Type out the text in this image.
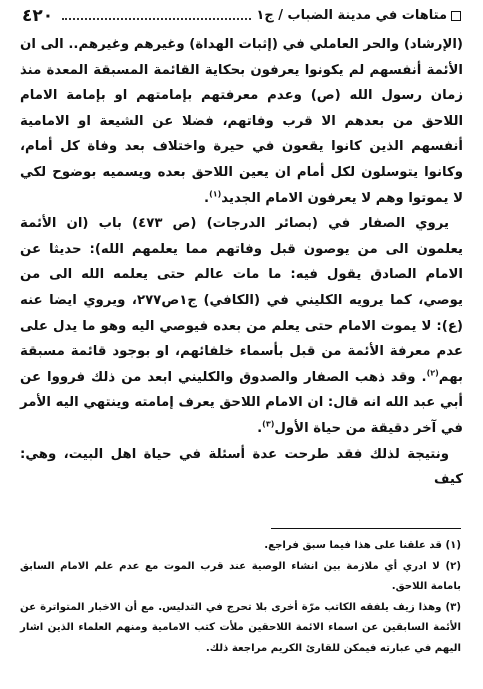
متاهات في مدينة الضباب / ج١
٤٢٠

(الإرشاد) والحر العاملي في (إثبات الهداة) وغيرهم وغيرهم.. الى ان الأئمة أنفسهم لم يكونوا يعرفون بحكاية القائمة المسبقة المعدة منذ زمان رسول الله (ص) وعدم معرفتهم بإمامتهم او بإمامة الامام اللاحق من بعدهم الا قرب وفاتهم، فضلا عن الشيعة او الامامية أنفسهم الذين كانوا يقعون في حيرة واختلاف بعد وفاة كل أمام، وكانوا يتوسلون لكل أمام ان يعين اللاحق بعده ويسميه بوضوح لكي لا يموتوا وهم لا يعرفون الامام الجديد$^{(١)}$.

يروي الصفار في (بصائر الدرجات) (ص ٤٧٣) باب (ان الأئمة يعلمون الى من يوصون قبل وفاتهم مما يعلمهم الله): حديثا عن الامام الصادق يقول فيه: ما مات عالم حتى يعلمه الله الى من يوصي، كما يرويه الكليني في (الكافي) ج١ص٢٧٧، ويروي ايضا عنه (ع): لا يموت الامام حتى يعلم من بعده فيوصي اليه وهو ما يدل على عدم معرفة الأئمة من قبل بأسماء خلفائهم، او بوجود قائمة مسبقة بهم$^{(٢)}$. وقد ذهب الصفار والصدوق والكليني ابعد من ذلك فرووا عن أبي عبد الله انه قال: ان الامام اللاحق يعرف إمامته وينتهي اليه الأمر في آخر دقيقة من حياة الأول$^{(٣)}$.

ونتيجة لذلك فقد طرحت عدة أسئلة في حياة اهل البيت، وهي: كيف

(١) قد علقنا على هذا فيما سبق فراجع.

(٢) لا ادري أي ملازمة بين انشاء الوصية عند قرب الموت مع عدم علم الامام السابق بامامة اللاحق.

(٣) وهذا زيف يلفقه الكاتب مرّة أخرى بلا تحرج في التدليس. مع أن الاخبار المتواترة عن الأئمة السابقين عن اسماء الائمة اللاحقين ملأت كتب الامامية ومنهم العلماء الذين اشار اليهم في عبارته فيمكن للقارئ الكريم مراجعة ذلك.
